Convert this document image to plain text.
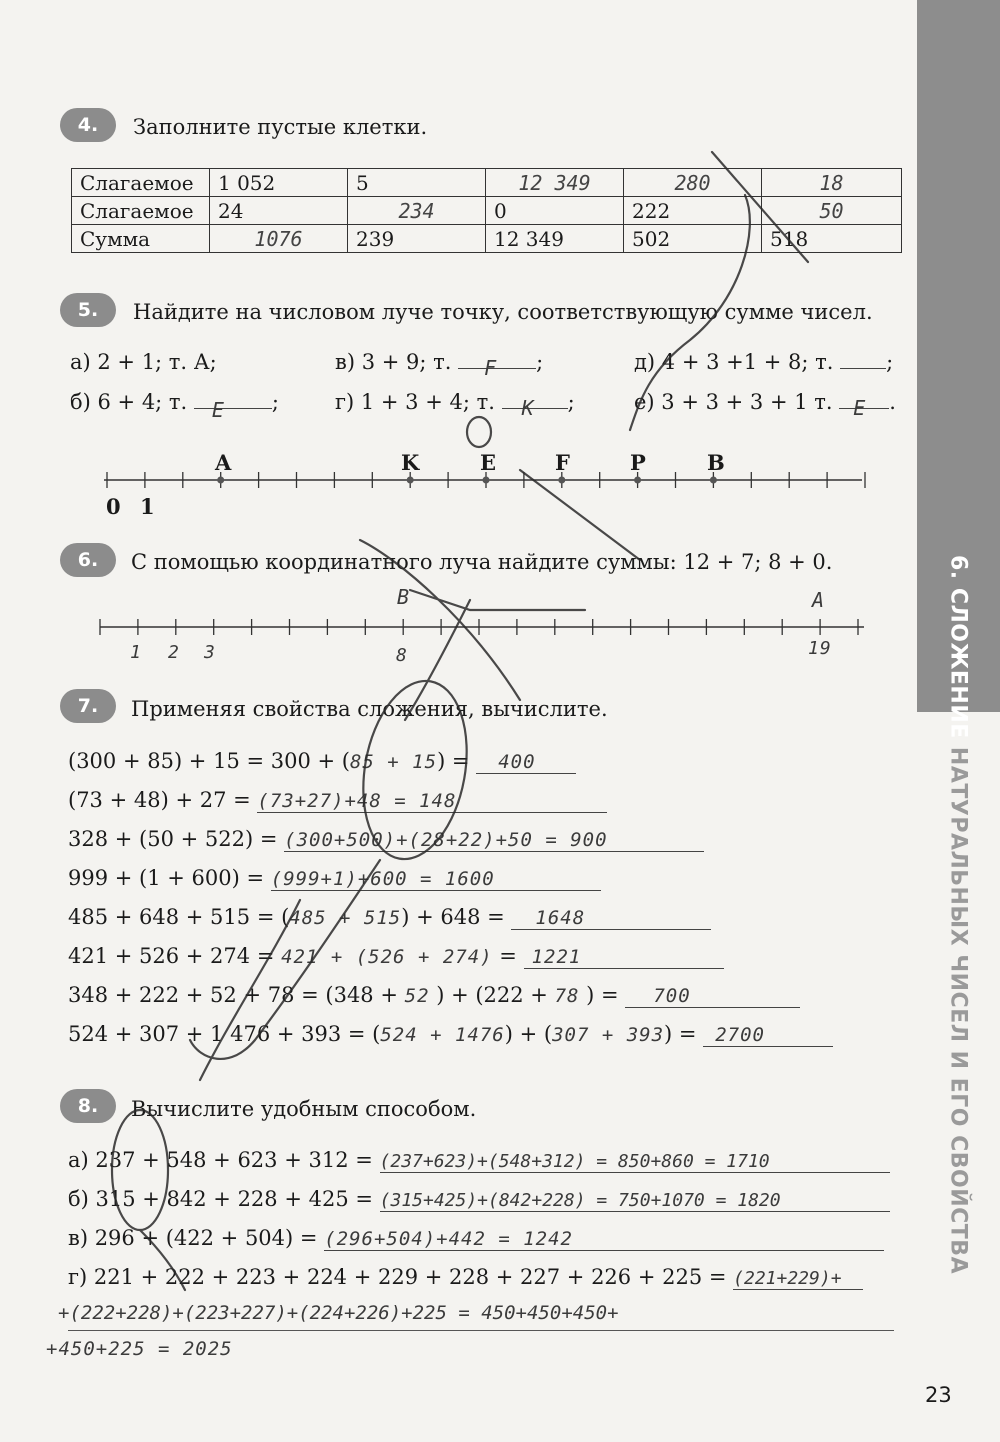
6. СЛОЖЕНИЕ НАТУРАЛЬНЫХ ЧИСЕЛ И ЕГО СВОЙСТВА
4.	Заполните пустые клетки.
Слагаемое	1 052	5	12 349	280	18
Слагаемое	24	234	0	222	50
Сумма	1076	239	12 349	502	518
5.	Найдите на числовом луче точку, соответствующую сумме чисел.
а) 2 + 1; т. А;
б) 6 + 4; т. E ;
в) 3 + 9; т. F ;
г) 1 + 3 + 4; т. K ;
д) 4 + 3 +1 + 8; т.	;
е) 3 + 3 + 3 + 1 т. E .
0 1
A	K	E	F	P	B
6.	С помощью координатного луча найдите суммы: 12 + 7; 8 + 0.
1 2 3	8	19
B	A
7.	Применяя свойства сложения, вычислите.
(300 + 85) + 15 = 300 + (85 + 15) = 400
(73 + 48) + 27 = (73+27)+48 = 148
328 + (50 + 522) = (300+500)+(28+22)+50 = 900
999 + (1 + 600) = (999+1)+600 = 1600
485 + 648 + 515 = (485 + 515) + 648 = 1648
421 + 526 + 274 = 421 + (526 + 274) = 1221
348 + 222 + 52 + 78 = (348 + 52 ) + (222 + 78 ) = 700
524 + 307 + 1 476 + 393 = (524 + 1476) + (307 + 393) = 2700
8.	Вычислите удобным способом.
а) 237 + 548 + 623 + 312 = (237+623)+(548+312) = 850+860 = 1710
б) 315 + 842 + 228 + 425 = (315+425)+(842+228) = 750+1070 = 1820
в) 296 + (422 + 504) = (296+504)+442 = 1242
г) 221 + 222 + 223 + 224 + 229 + 228 + 227 + 226 + 225 = (221+229)+
+(222+228)+(223+227)+(224+226)+225 = 450+450+450+
+450+225 = 2025
23
